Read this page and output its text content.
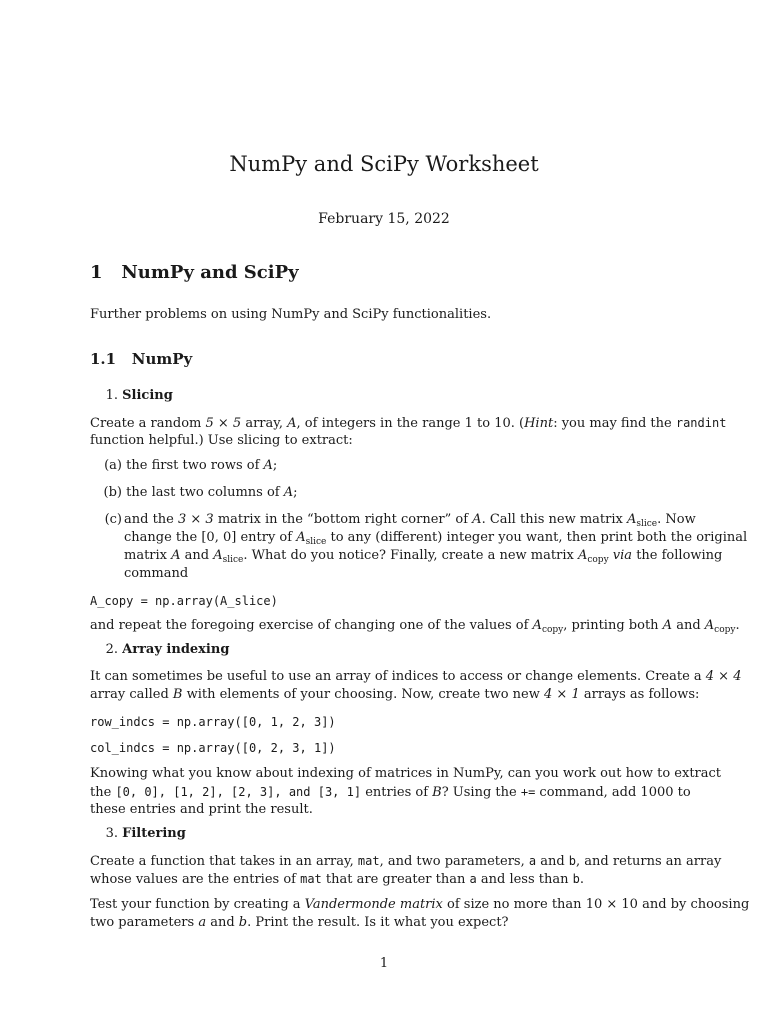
NumPy and SciPy Worksheet
February 15, 2022
1 NumPy and SciPy
Further problems on using NumPy and SciPy functionalities.
1.1 NumPy
1. Slicing
Create a random 5 × 5 array, A, of integers in the range 1 to 10. (Hint: you may find the randint
function helpful.) Use slicing to extract:
(a) the first two rows of A;
(b) the last two columns of A;
(c) and the 3 × 3 matrix in the “bottom right corner” of A. Call this new matrix $A_{slice}$. Now
change the [0, 0] entry of $A_{slice}$ to any (different) integer you want, then print both the original
matrix A and $A_{slice}$. What do you notice? Finally, create a new matrix $A_{copy}$ via the following
command
A_copy = np.array(A_slice)
and repeat the foregoing exercise of changing one of the values of $A_{copy}$, printing both A and $A_{copy}$.
2. Array indexing
It can sometimes be useful to use an array of indices to access or change elements. Create a 4 × 4
array called B with elements of your choosing. Now, create two new 4 × 1 arrays as follows:
row_indcs = np.array([0, 1, 2, 3])
col_indcs = np.array([0, 2, 3, 1])
Knowing what you know about indexing of matrices in NumPy, can you work out how to extract
the [0, 0], [1, 2], [2, 3], and [3, 1] entries of B? Using the += command, add 1000 to
these entries and print the result.
3. Filtering
Create a function that takes in an array, mat, and two parameters, a and b, and returns an array
whose values are the entries of mat that are greater than a and less than b.
Test your function by creating a Vandermonde matrix of size no more than 10 × 10 and by choosing
two parameters a and b. Print the result. Is it what you expect?
1
